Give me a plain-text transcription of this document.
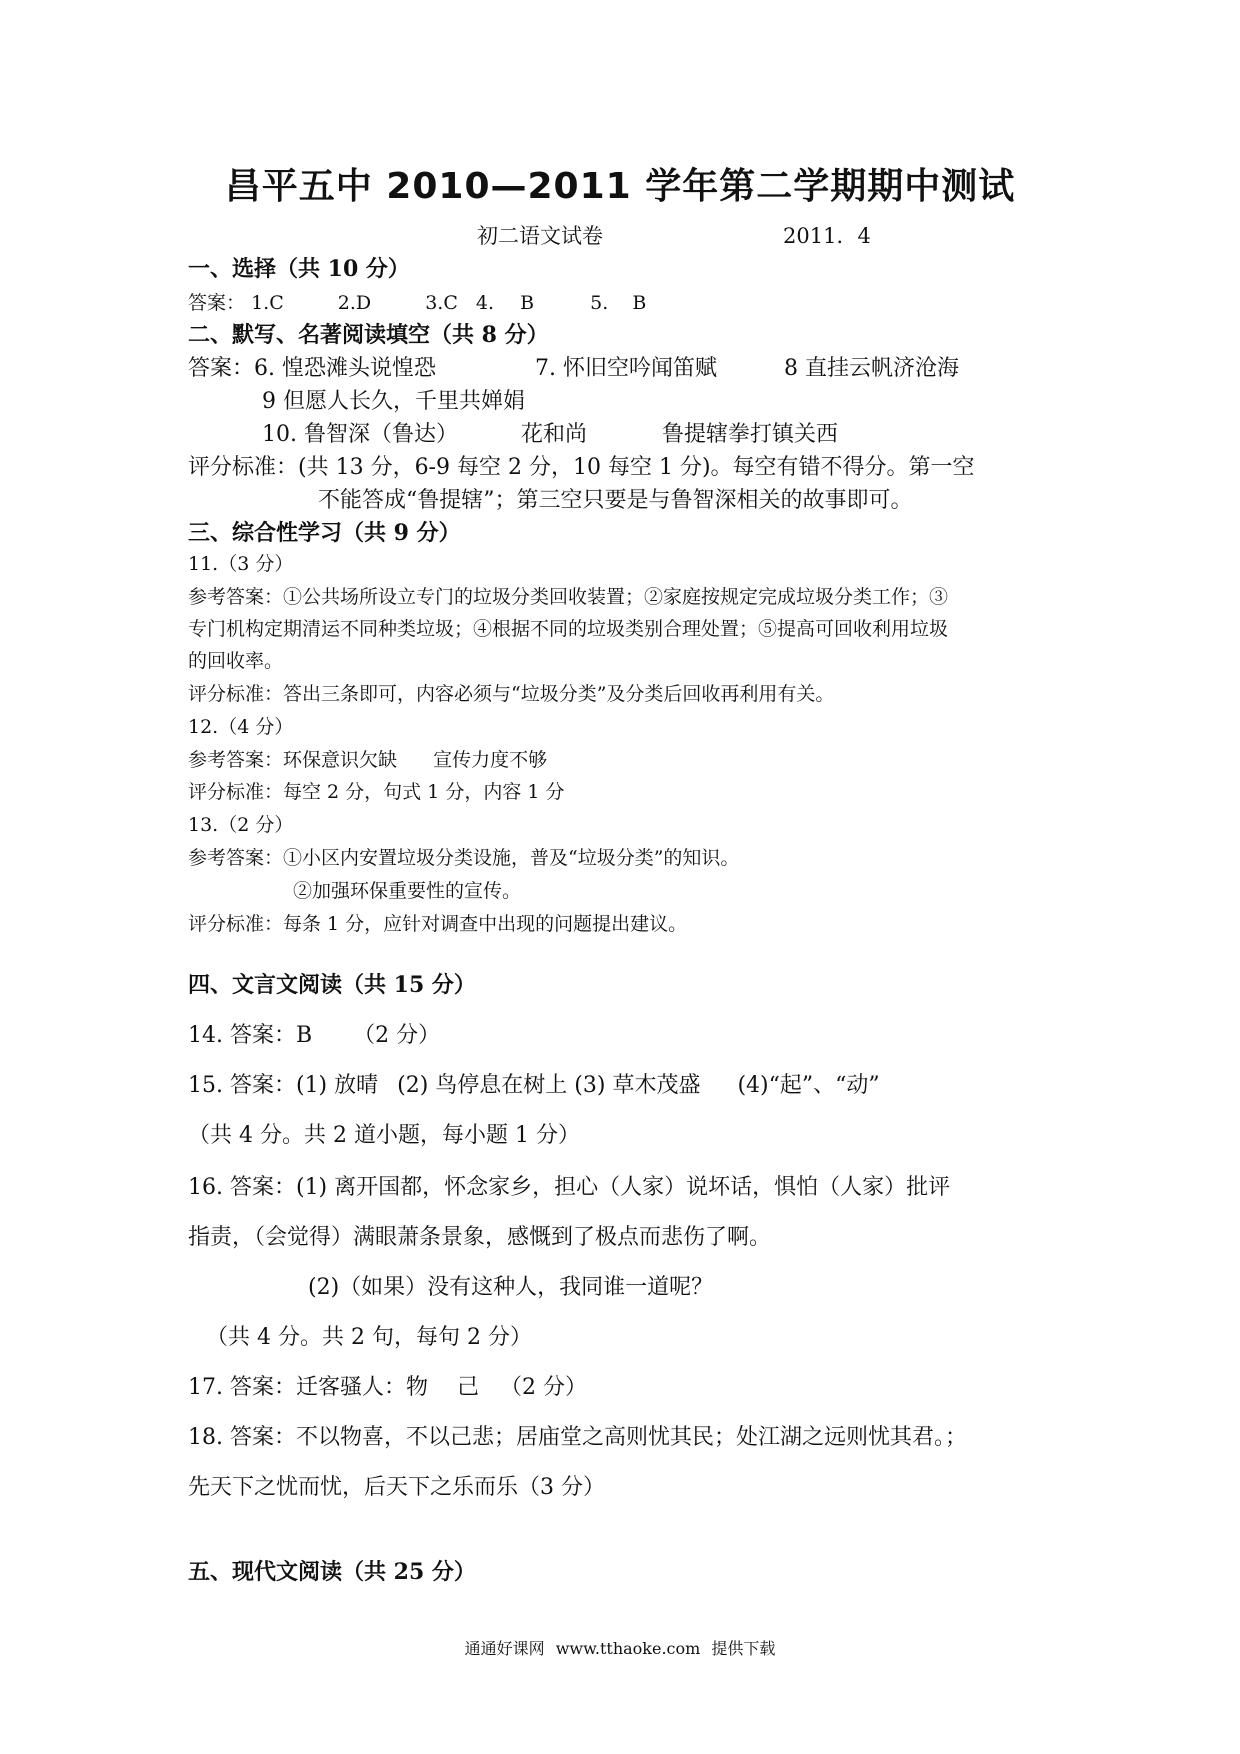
昌平五中 2010—2011 学年第二学期期中测试
初二语文试卷	2011．4
一、选择（共 10 分）
答案： 1.C	2.D	3.C 4. B	5. B
二、默写、名著阅读填空（共 8 分）
答案：6. 惶恐滩头说惶恐	7. 怀旧空吟闻笛赋	8 直挂云帆济沧海
9 但愿人长久，千里共婵娟
10. 鲁智深（鲁达）	花和尚	鲁提辖拳打镇关西
评分标准：(共 13 分，6-9 每空 2 分，10 每空 1 分)。每空有错不得分。第一空
不能答成“鲁提辖”；第三空只要是与鲁智深相关的故事即可。
三、综合性学习（共 9 分）
11.（3 分）
参考答案：①公共场所设立专门的垃圾分类回收装置；②家庭按规定完成垃圾分类工作；③
专门机构定期清运不同种类垃圾；④根据不同的垃圾类别合理处置；⑤提高可回收利用垃圾
的回收率。
评分标准：答出三条即可，内容必须与“垃圾分类”及分类后回收再利用有关。
12.（4 分）
参考答案：环保意识欠缺 宣传力度不够
评分标准：每空 2 分，句式 1 分，内容 1 分
13.（2 分）
参考答案：①小区内安置垃圾分类设施，普及“垃圾分类”的知识。
②加强环保重要性的宣传。
评分标准：每条 1 分，应针对调查中出现的问题提出建议。
四、文言文阅读（共 15 分）
14. 答案：B （2 分）
15. 答案：(1) 放晴 (2) 鸟停息在树上 (3) 草木茂盛 (4)“起”、“动”
（共 4 分。共 2 道小题，每小题 1 分）
16. 答案：(1) 离开国都，怀念家乡，担心（人家）说坏话，惧怕（人家）批评
指责，（会觉得）满眼萧条景象，感慨到了极点而悲伤了啊。
(2)（如果）没有这种人，我同谁一道呢？
（共 4 分。共 2 句，每句 2 分）
17. 答案：迁客骚人：物 己 （2 分）
18. 答案：不以物喜，不以己悲；居庙堂之高则忧其民；处江湖之远则忧其君。；
先天下之忧而忧，后天下之乐而乐（3 分）
五、现代文阅读（共 25 分）
通通好课网 www.tthaoke.com 提供下载
